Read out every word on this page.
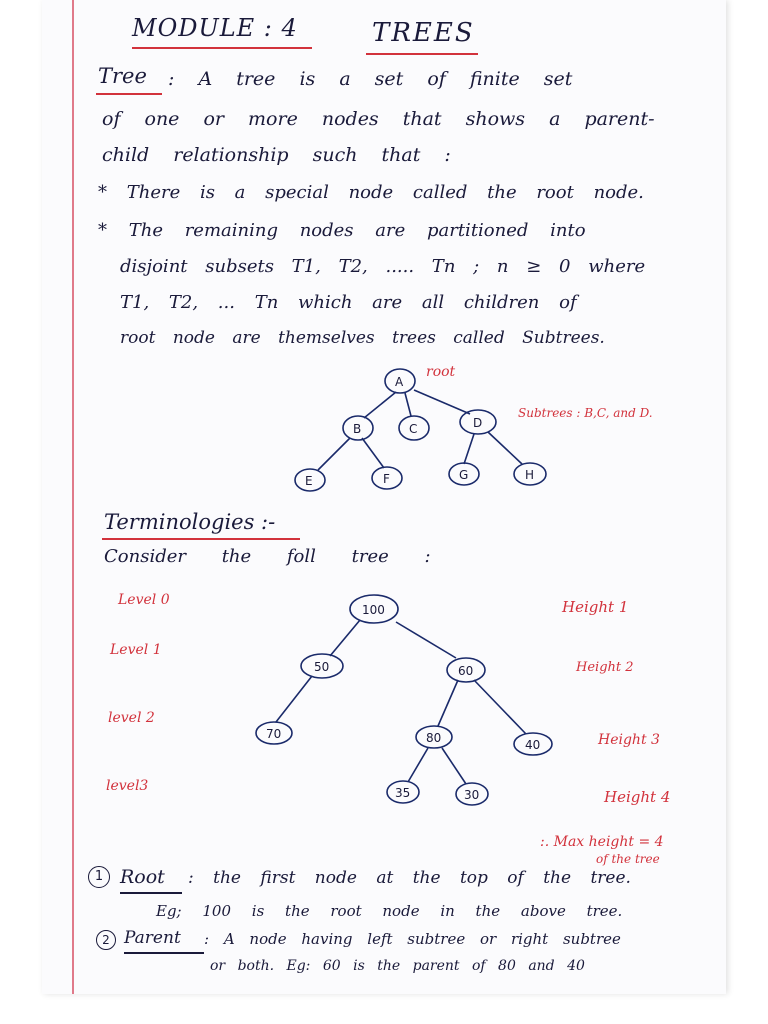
MODULE : 4	TREES
Tree : A tree is a set of finite set
of one or more nodes that shows a parent-
child relationship such that :
* There is a special node called the root node.
* The remaining nodes are partitioned into
disjoint subsets T1, T2, ..... Tn ; n ≥ 0 where
T1, T2, ... Tn which are all children of
root node are themselves trees called Subtrees.
A
B	C	D
E	F	G	H
root
Subtrees : B,C, and D.
Terminologies :-
Consider the foll tree :
100
50	60
70	80	40
35	30
Level 0
Level 1
level 2
level3
Height 1
Height 2
Height 3
Height 4
:. Max height = 4
of the tree
1 Root : the first node at the top of the tree.
Eg; 100 is the root node in the above tree.
2 Parent : A node having left subtree or right subtree
or both. Eg: 60 is the parent of 80 and 40
